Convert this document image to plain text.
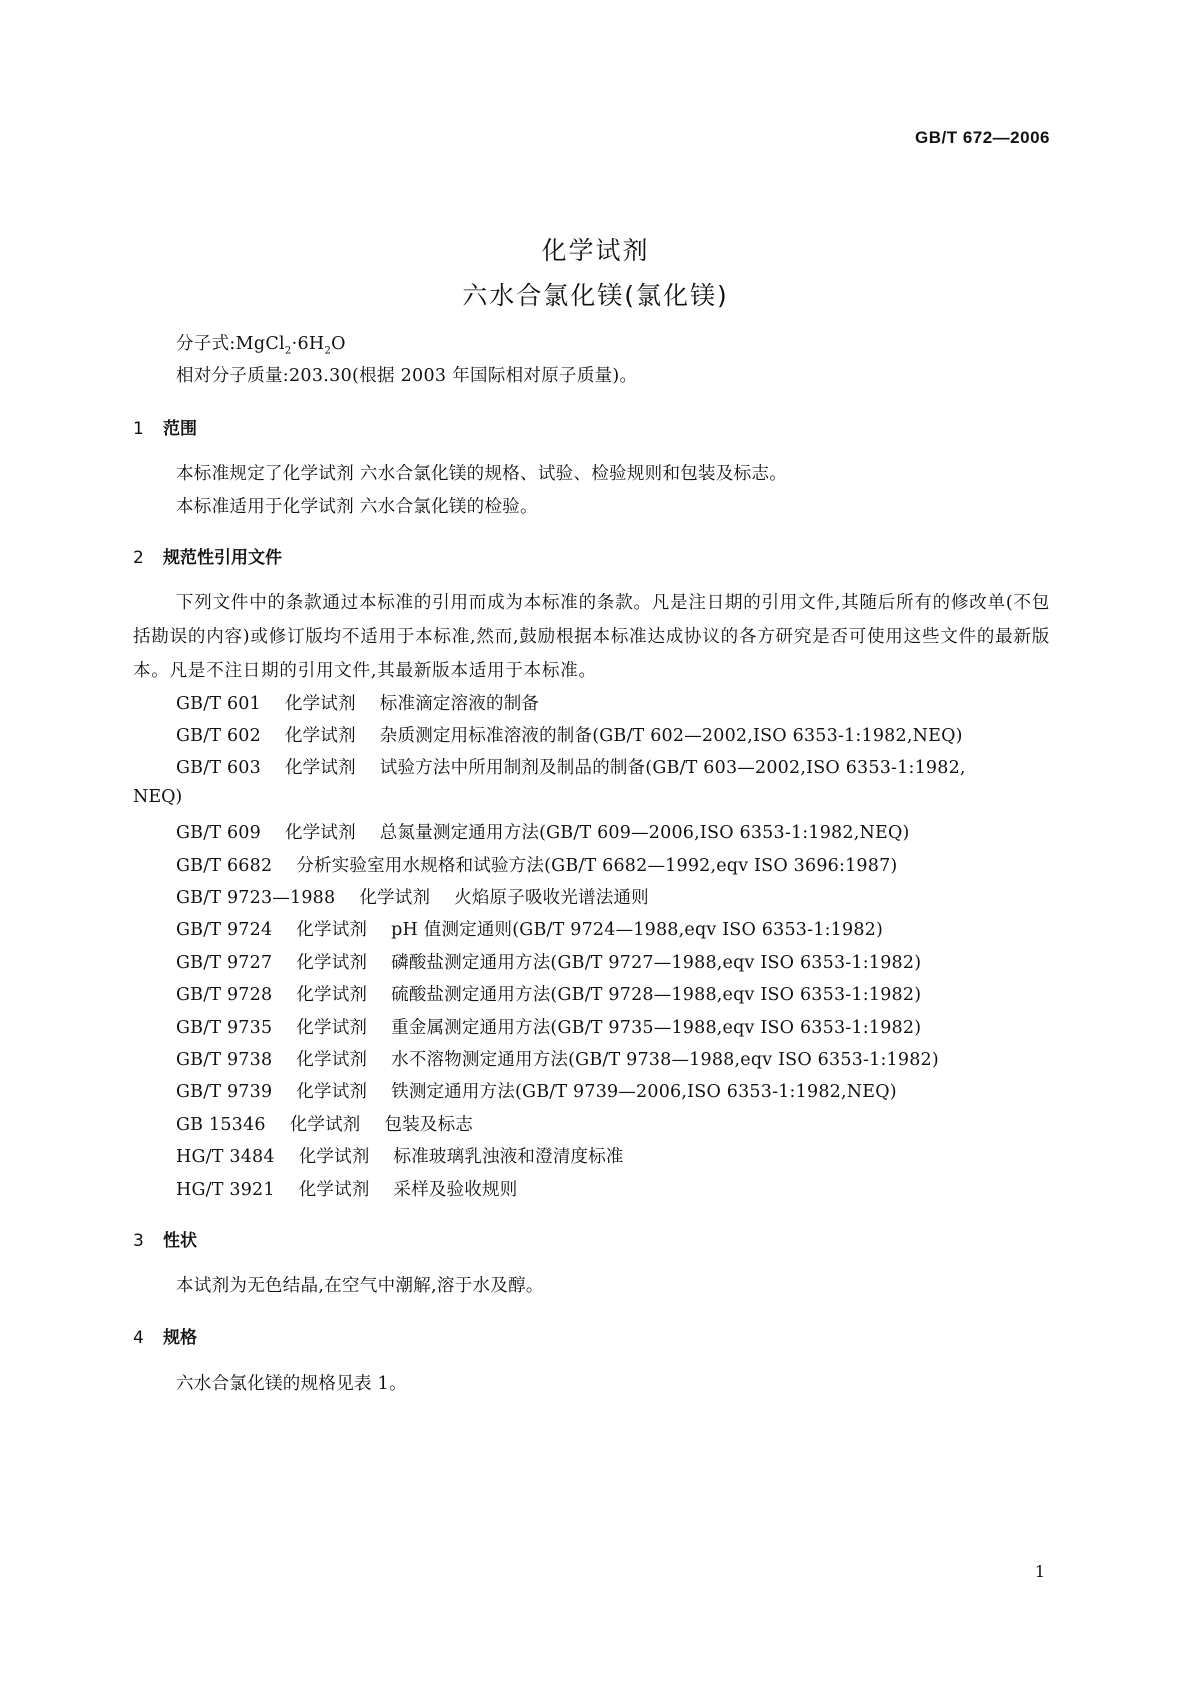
GB/T 672—2006
化学试剂
六水合氯化镁(氯化镁)
分子式$:MgCl_2\cdot 6H_2O$
相对分子质量:203.30(根据 2003 年国际相对原子质量)。
1 范围
本标准规定了化学试剂 六水合氯化镁的规格、试验、检验规则和包装及标志。
本标准适用于化学试剂 六水合氯化镁的检验。
2 规范性引用文件
下列文件中的条款通过本标准的引用而成为本标准的条款。凡是注日期的引用文件,其随后所有的修改单(不包括勘误的内容)或修订版均不适用于本标准,然而,鼓励根据本标准达成协议的各方研究是否可使用这些文件的最新版本。凡是不注日期的引用文件,其最新版本适用于本标准。
GB/T 601 化学试剂 标准滴定溶液的制备
GB/T 602 化学试剂 杂质测定用标准溶液的制备(GB/T 602—2002,ISO 6353-1:1982,NEQ)
GB/T 603 化学试剂 试验方法中所用制剂及制品的制备(GB/T 603—2002,ISO 6353-1:1982,
NEQ)
GB/T 609 化学试剂 总氮量测定通用方法(GB/T 609—2006,ISO 6353-1:1982,NEQ)
GB/T 6682 分析实验室用水规格和试验方法(GB/T 6682—1992,eqv ISO 3696:1987)
GB/T 9723—1988 化学试剂 火焰原子吸收光谱法通则
GB/T 9724 化学试剂 pH 值测定通则(GB/T 9724—1988,eqv ISO 6353-1:1982)
GB/T 9727 化学试剂 磷酸盐测定通用方法(GB/T 9727—1988,eqv ISO 6353-1:1982)
GB/T 9728 化学试剂 硫酸盐测定通用方法(GB/T 9728—1988,eqv ISO 6353-1:1982)
GB/T 9735 化学试剂 重金属测定通用方法(GB/T 9735—1988,eqv ISO 6353-1:1982)
GB/T 9738 化学试剂 水不溶物测定通用方法(GB/T 9738—1988,eqv ISO 6353-1:1982)
GB/T 9739 化学试剂 铁测定通用方法(GB/T 9739—2006,ISO 6353-1:1982,NEQ)
GB 15346 化学试剂 包装及标志
HG/T 3484 化学试剂 标准玻璃乳浊液和澄清度标准
HG/T 3921 化学试剂 采样及验收规则
3 性状
本试剂为无色结晶,在空气中潮解,溶于水及醇。
4 规格
六水合氯化镁的规格见表 1。
1
